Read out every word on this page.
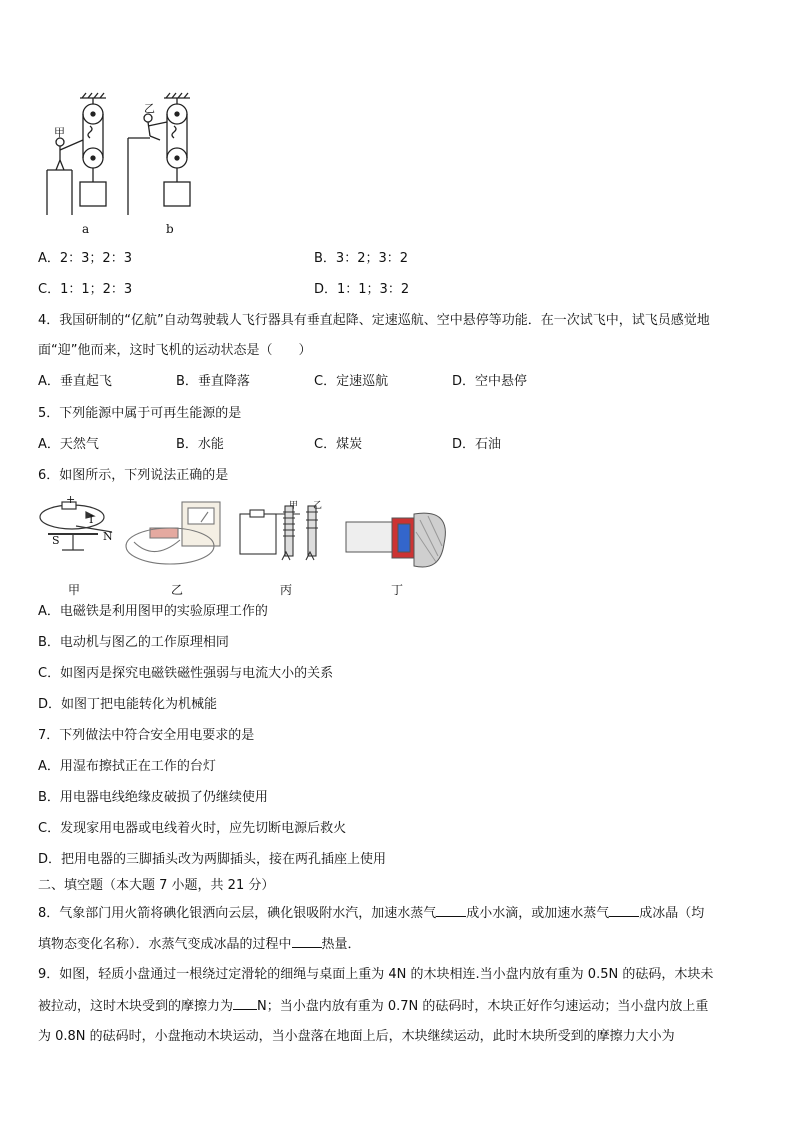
甲
乙
a	b
A．2：3；2：3	B．3：2；3：2
C．1：1；2：3	D．1：1；3：2
4．我国研制的“亿航”自动驾驶载人飞行器具有垂直起降、定速巡航、空中悬停等功能．在一次试飞中，试飞员感觉地
面“迎”他而来，这时飞机的运动状态是（　　）
A．垂直起飞	B．垂直降落	C．定速巡航	D．空中悬停
5．下列能源中属于可再生能源的是
A．天然气	B．水能	C．煤炭	D．石油
6．如图所示，下列说法正确的是
+
I
S	N
甲 乙
甲	乙	丙	丁
A．电磁铁是利用图甲的实验原理工作的
B．电动机与图乙的工作原理相同
C．如图丙是探究电磁铁磁性强弱与电流大小的关系
D．如图丁把电能转化为机械能
7．下列做法中符合安全用电要求的是
A．用湿布擦拭正在工作的台灯
B．用电器电线绝缘皮破损了仍继续使用
C．发现家用电器或电线着火时，应先切断电源后救火
D．把用电器的三脚插头改为两脚插头，接在两孔插座上使用
二、填空题（本大题 7 小题，共 21 分）
8．气象部门用火箭将碘化银洒向云层，碘化银吸附水汽，加速水蒸气 成小水滴，或加速水蒸气 成冰晶（均
填物态变化名称）．水蒸气变成冰晶的过程中 热量．
9．如图，轻质小盘通过一根绕过定滑轮的细绳与桌面上重为 4N 的木块相连.当小盘内放有重为 0.5N 的砝码，木块未
被拉动，这时木块受到的摩擦力为 N；当小盘内放有重为 0.7N 的砝码时，木块正好作匀速运动；当小盘内放上重
为 0.8N 的砝码时，小盘拖动木块运动，当小盘落在地面上后，木块继续运动，此时木块所受到的摩擦力大小为
